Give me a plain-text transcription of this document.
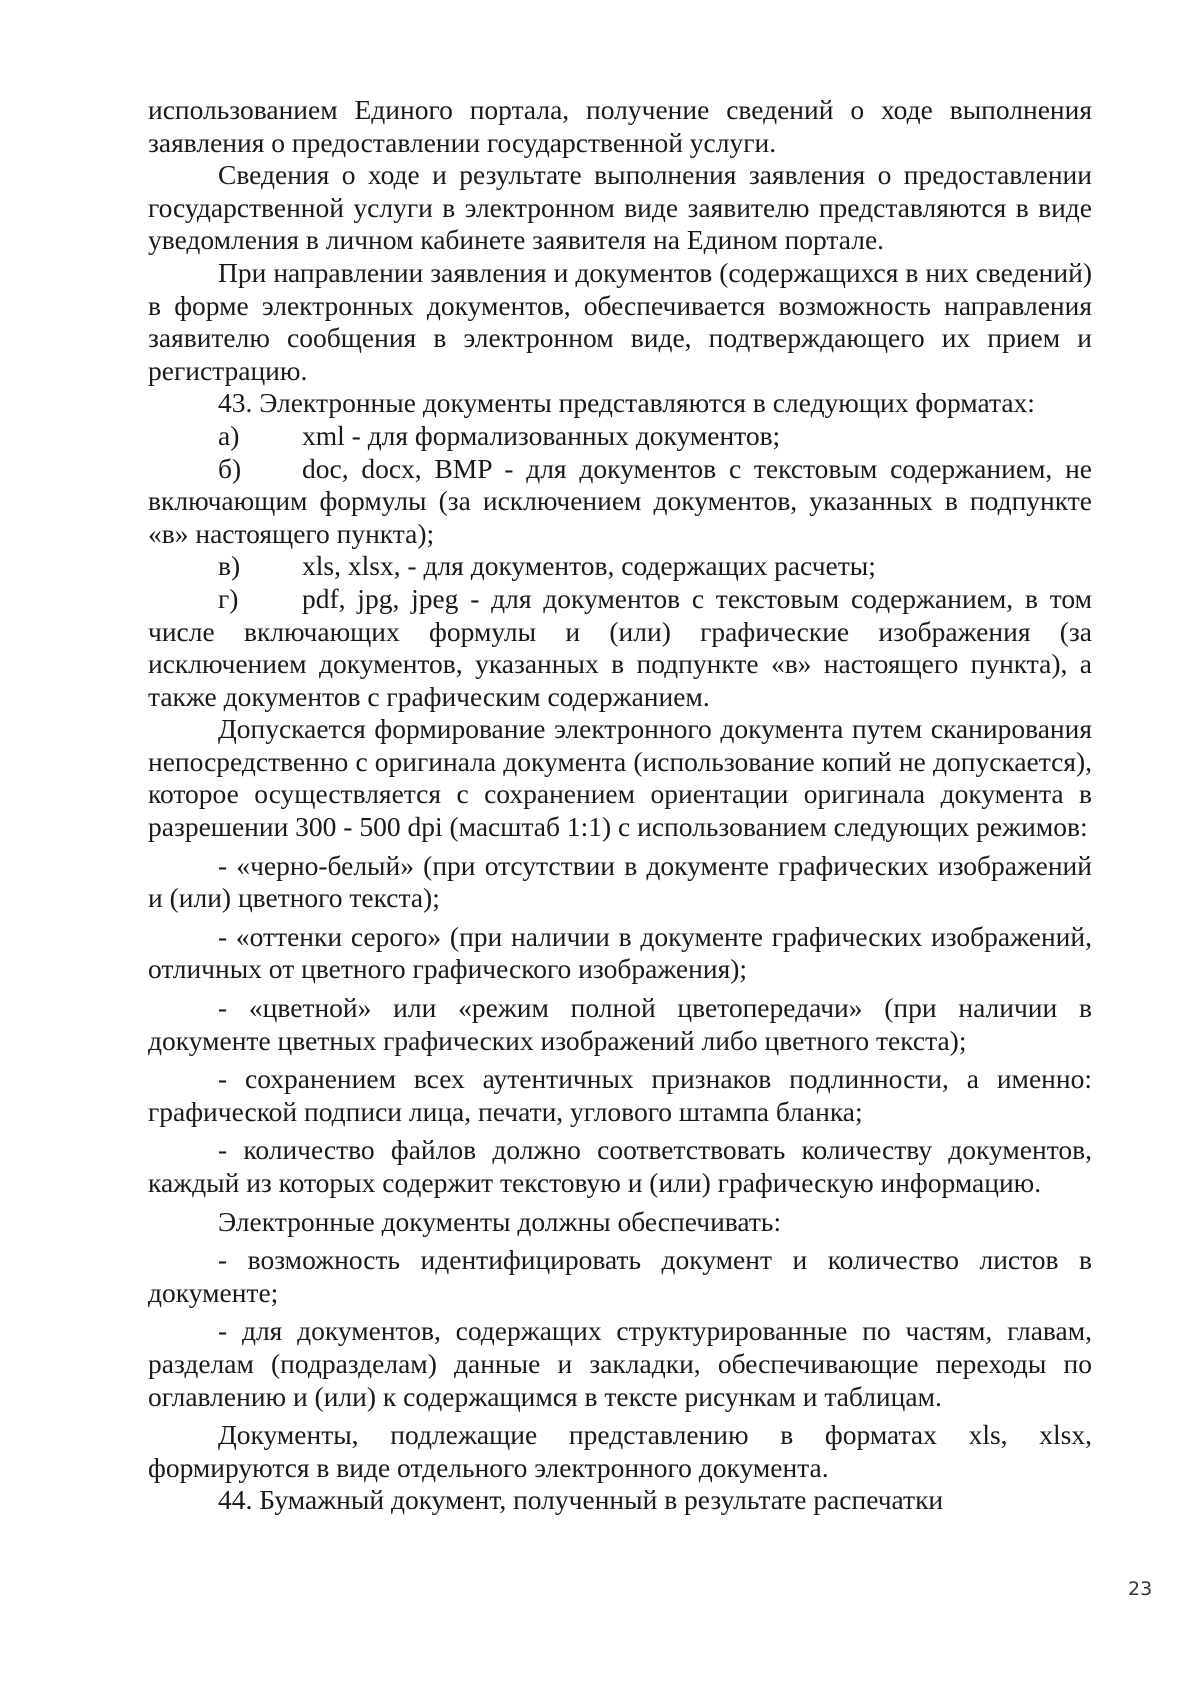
использованием Единого портала, получение сведений о ходе выполнения заявления о предоставлении государственной услуги.

Сведения о ходе и результате выполнения заявления о предоставлении государственной услуги в электронном виде заявителю представляются в виде уведомления в личном кабинете заявителя на Едином портале.

При направлении заявления и документов (содержащихся в них сведений) в форме электронных документов, обеспечивается возможность направления заявителю сообщения в электронном виде, подтверждающего их прием и регистрацию.

43. Электронные документы представляются в следующих форматах:

а) xml - для формализованных документов;

б) doc, docx, BMP - для документов с текстовым содержанием, не включающим формулы (за исключением документов, указанных в подпункте «в» настоящего пункта);

в) xls, xlsx, - для документов, содержащих расчеты;

г) pdf, jpg, jpeg - для документов с текстовым содержанием, в том числе включающих формулы и (или) графические изображения (за исключением документов, указанных в подпункте «в» настоящего пункта), а также документов с графическим содержанием.

Допускается формирование электронного документа путем сканирования непосредственно с оригинала документа (использование копий не допускается), которое осуществляется с сохранением ориентации оригинала документа в разрешении 300 - 500 dpi (масштаб 1:1) с использованием следующих режимов:

- «черно-белый» (при отсутствии в документе графических изображений и (или) цветного текста);

- «оттенки серого» (при наличии в документе графических изображений, отличных от цветного графического изображения);

- «цветной» или «режим полной цветопередачи» (при наличии в документе цветных графических изображений либо цветного текста);

- сохранением всех аутентичных признаков подлинности, а именно: графической подписи лица, печати, углового штампа бланка;

- количество файлов должно соответствовать количеству документов, каждый из которых содержит текстовую и (или) графическую информацию.

Электронные документы должны обеспечивать:

- возможность идентифицировать документ и количество листов в документе;

- для документов, содержащих структурированные по частям, главам, разделам (подразделам) данные и закладки, обеспечивающие переходы по оглавлению и (или) к содержащимся в тексте рисункам и таблицам.

Документы, подлежащие представлению в форматах xls, xlsx, формируются в виде отдельного электронного документа.

44. Бумажный документ, полученный в результате распечатки

23
